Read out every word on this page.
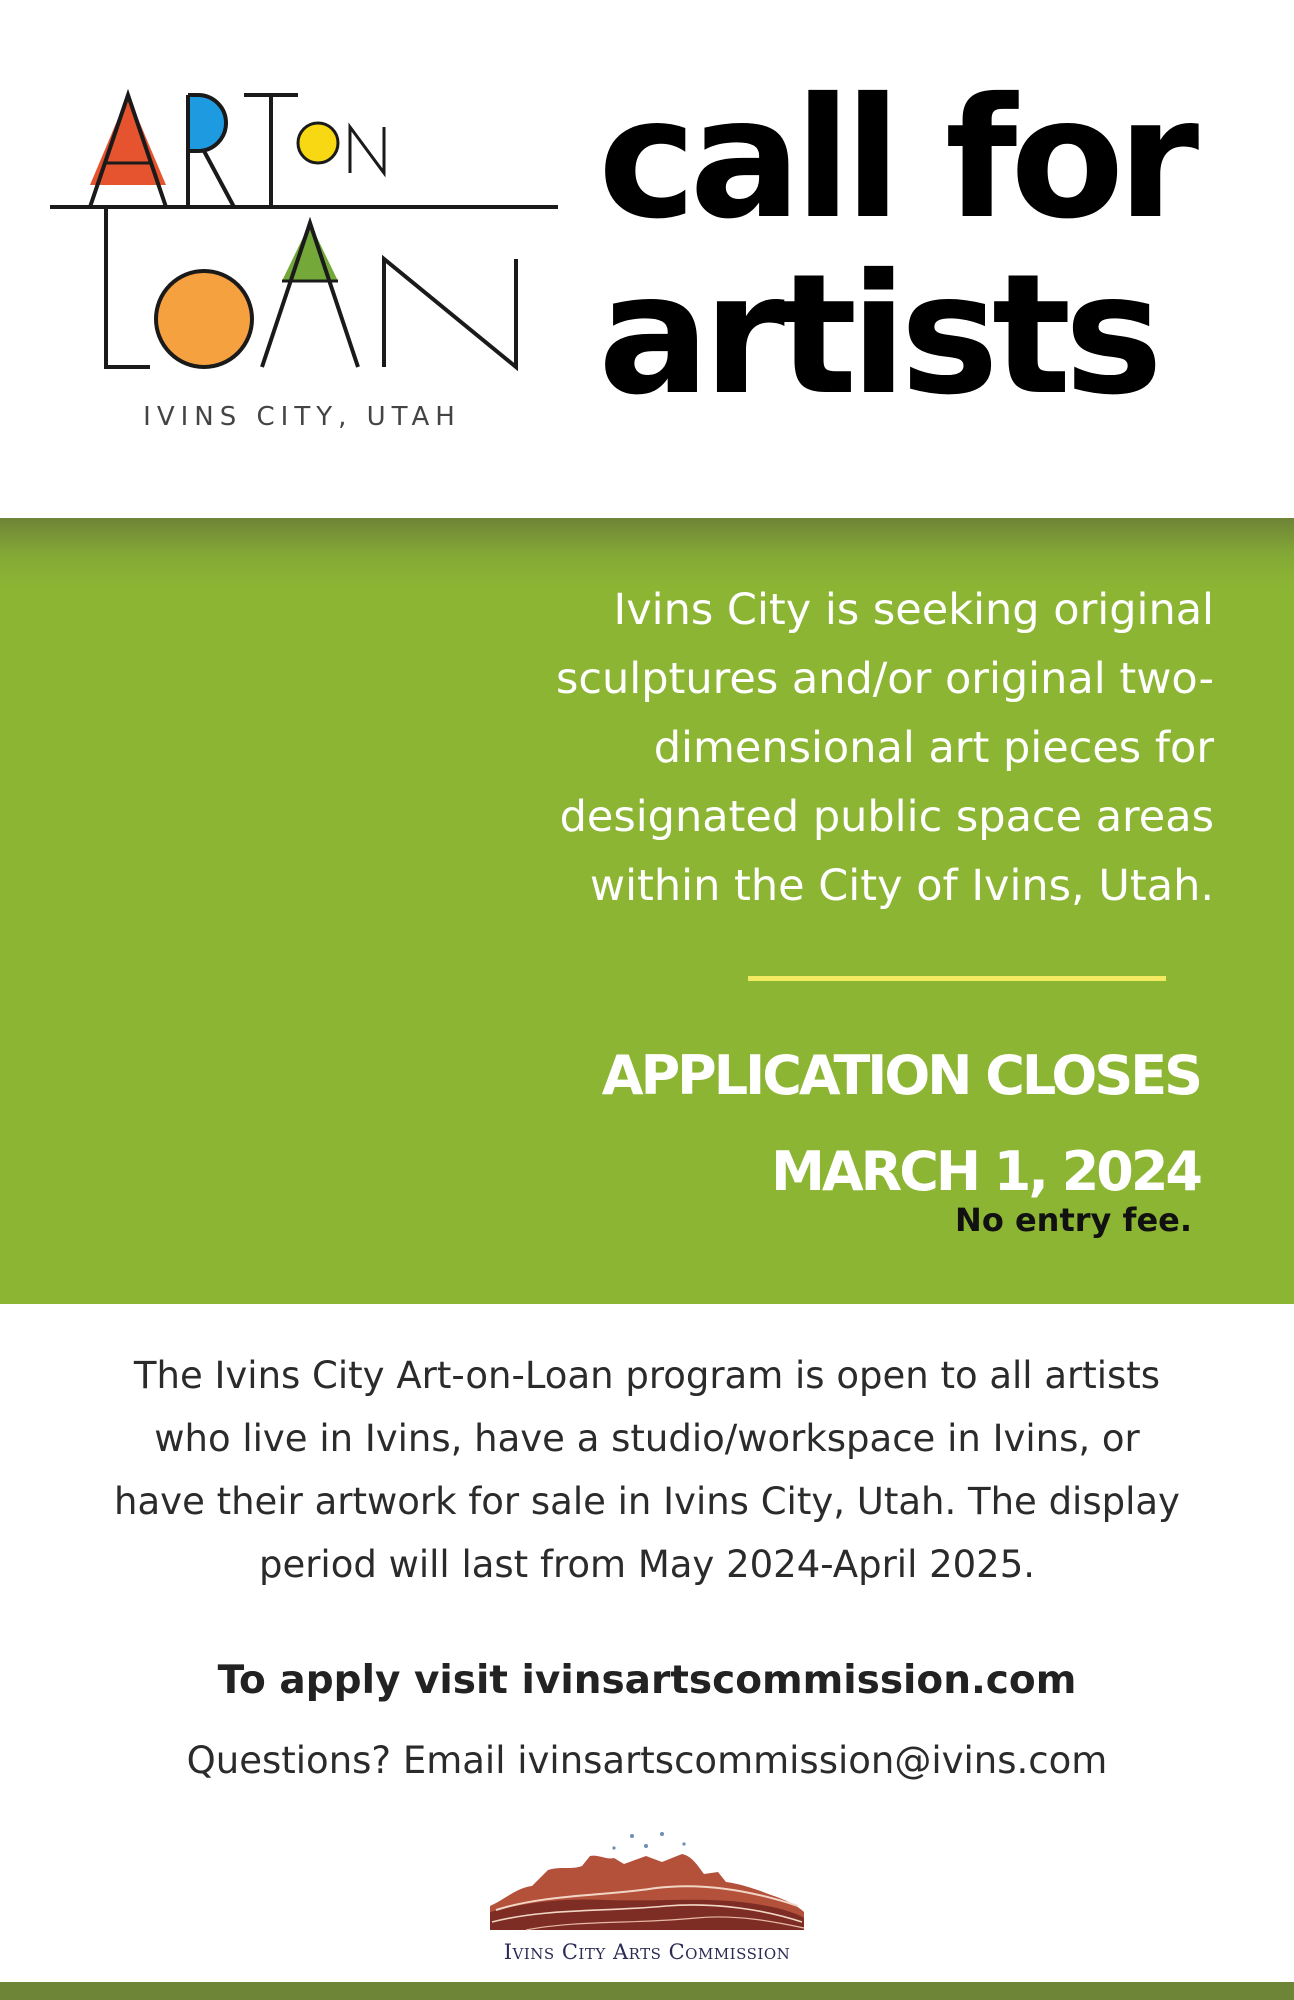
IVINS CITY, UTAH
call for
artists
Ivins City is seeking original
sculptures and/or original two-
dimensional art pieces for
designated public space areas
within the City of Ivins, Utah.
APPLICATION CLOSES
MARCH 1, 2024
No entry fee.
The Ivins City Art-on-Loan program is open to all artists
who live in Ivins, have a studio/workspace in Ivins, or
have their artwork for sale in Ivins City, Utah. The display
period will last from May 2024-April 2025.
To apply visit ivinsartscommission.com
Questions? Email ivinsartscommission@ivins.com
Ivins City Arts Commission
